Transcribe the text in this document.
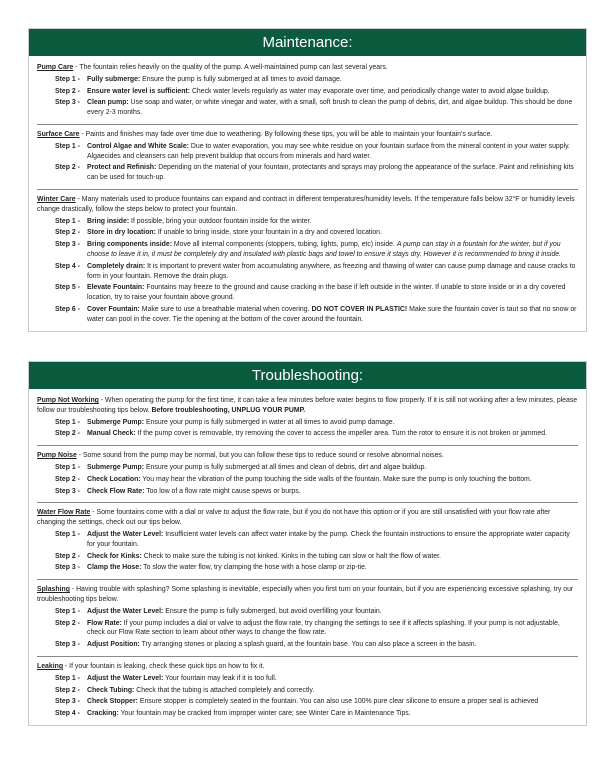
Maintenance:

Pump Care - The fountain relies heavily on the quality of the pump. A well-maintained pump can last several years.

Step 1 -	Fully submerge: Ensure the pump is fully submerged at all times to avoid damage.
Step 2 -	Ensure water level is sufficient: Check water levels regularly as water may evaporate over time, and periodically change water to avoid algae buildup.
Step 3 -	Clean pump: Use soap and water, or white vinegar and water, with a small, soft brush to clean the pump of debris, dirt, and algae buildup. This should be done every 2-3 months.

Surface Care - Paints and finishes may fade over time due to weathering. By following these tips, you will be able to maintain your fountain's surface.

Step 1 -	Control Algae and White Scale: Due to water evaporation, you may see white residue on your fountain surface from the mineral content in your water supply. Algaecides and cleansers can help prevent buildup that occurs from minerals and hard water.
Step 2 -	Protect and Refinish: Depending on the material of your fountain, protectants and sprays may prolong the appearance of the surface. Paint and refinishing kits can be used for touch-up.

Winter Care - Many materials used to produce fountains can expand and contract in different temperatures/humidity levels. If the temperature falls below 32°F or humidity levels change drastically, follow the steps below to protect your fountain.

Step 1 -	Bring inside: If possible, bring your outdoor fountain inside for the winter.
Step 2 -	Store in dry location: If unable to bring inside, store your fountain in a dry and covered location.
Step 3 -	Bring components inside: Move all internal components (stoppers, tubing, lights, pump, etc) inside. A pump can stay in a fountain for the winter, but if you choose to leave it in, it must be completely dry and insulated with plastic bags and towel to ensure it stays dry. However it is recommended to bring it inside.
Step 4 -	Completely drain: It is important to prevent water from accumulating anywhere, as freezing and thawing of water can cause pump damage and cause cracks to form in your fountain. Remove the drain plugs.
Step 5 -	Elevate Fountain: Fountains may freeze to the ground and cause cracking in the base if left outside in the winter. If unable to store inside or in a dry covered location, try to raise your fountain above ground.
Step 6 -	Cover Fountain: Make sure to use a breathable material when covering. DO NOT COVER IN PLASTIC! Make sure the fountain cover is taut so that no snow or water can pool in the cover. Tie the opening at the bottom of the cover around the fountain.
Troubleshooting:

Pump Not Working - When operating the pump for the first time, it can take a few minutes before water begins to flow properly. If it is still not working after a few minutes, please follow our troubleshooting tips below. Before troubleshooting, UNPLUG YOUR PUMP.

Step 1 -	Submerge Pump: Ensure your pump is fully submerged in water at all times to avoid pump damage.
Step 2 -	Manual Check: If the pump cover is removable, try removing the cover to access the impeller area. Turn the rotor to ensure it is not broken or jammed.

Pump Noise - Some sound from the pump may be normal, but you can follow these tips to reduce sound or resolve abnormal noises.

Step 1 -	Submerge Pump: Ensure your pump is fully submerged at all times and clean of debris, dirt and algae buildup.
Step 2 -	Check Location: You may hear the vibration of the pump touching the side walls of the fountain. Make sure the pump is only touching the bottom.
Step 3 -	Check Flow Rate: Too low of a flow rate might cause spews or burps.

Water Flow Rate - Some fountains come with a dial or valve to adjust the flow rate, but if you do not have this option or if you are still unsatisfied with your flow rate after changing the settings, check out our tips below.

Step 1 -	Adjust the Water Level: Insufficient water levels can affect water intake by the pump. Check the fountain instructions to ensure the appropriate water capacity for your fountain.
Step 2 -	Check for Kinks: Check to make sure the tubing is not kinked. Kinks in the tubing can slow or halt the flow of water.
Step 3 -	Clamp the Hose: To slow the water flow, try clamping the hose with a hose clamp or zip-tie.

Splashing - Having trouble with splashing? Some splashing is inevitable, especially when you first turn on your fountain, but if you are experiencing excessive splashing, try our troubleshooting tips below.

Step 1 -	Adjust the Water Level: Ensure the pump is fully submerged, but avoid overfilling your fountain.
Step 2 -	Flow Rate: If your pump includes a dial or valve to adjust the flow rate, try changing the settings to see if it affects splashing. If your pump is not adjustable, check our Flow Rate section to learn about other ways to change the flow rate.
Step 3 -	Adjust Position: Try arranging stones or placing a splash guard, at the fountain base. You can also place a screen in the basin.

Leaking - If your fountain is leaking, check these quick tips on how to fix it.

Step 1 -	Adjust the Water Level: Your fountain may leak if it is too full.
Step 2 -	Check Tubing: Check that the tubing is attached completely and correctly.
Step 3 -	Check Stopper: Ensure stopper is completely seated in the fountain. You can also use 100% pure clear silicone to ensure a proper seal is achieved
Step 4 -	Cracking: Your fountain may be cracked from improper winter care; see Winter Care in Maintenance Tips.
